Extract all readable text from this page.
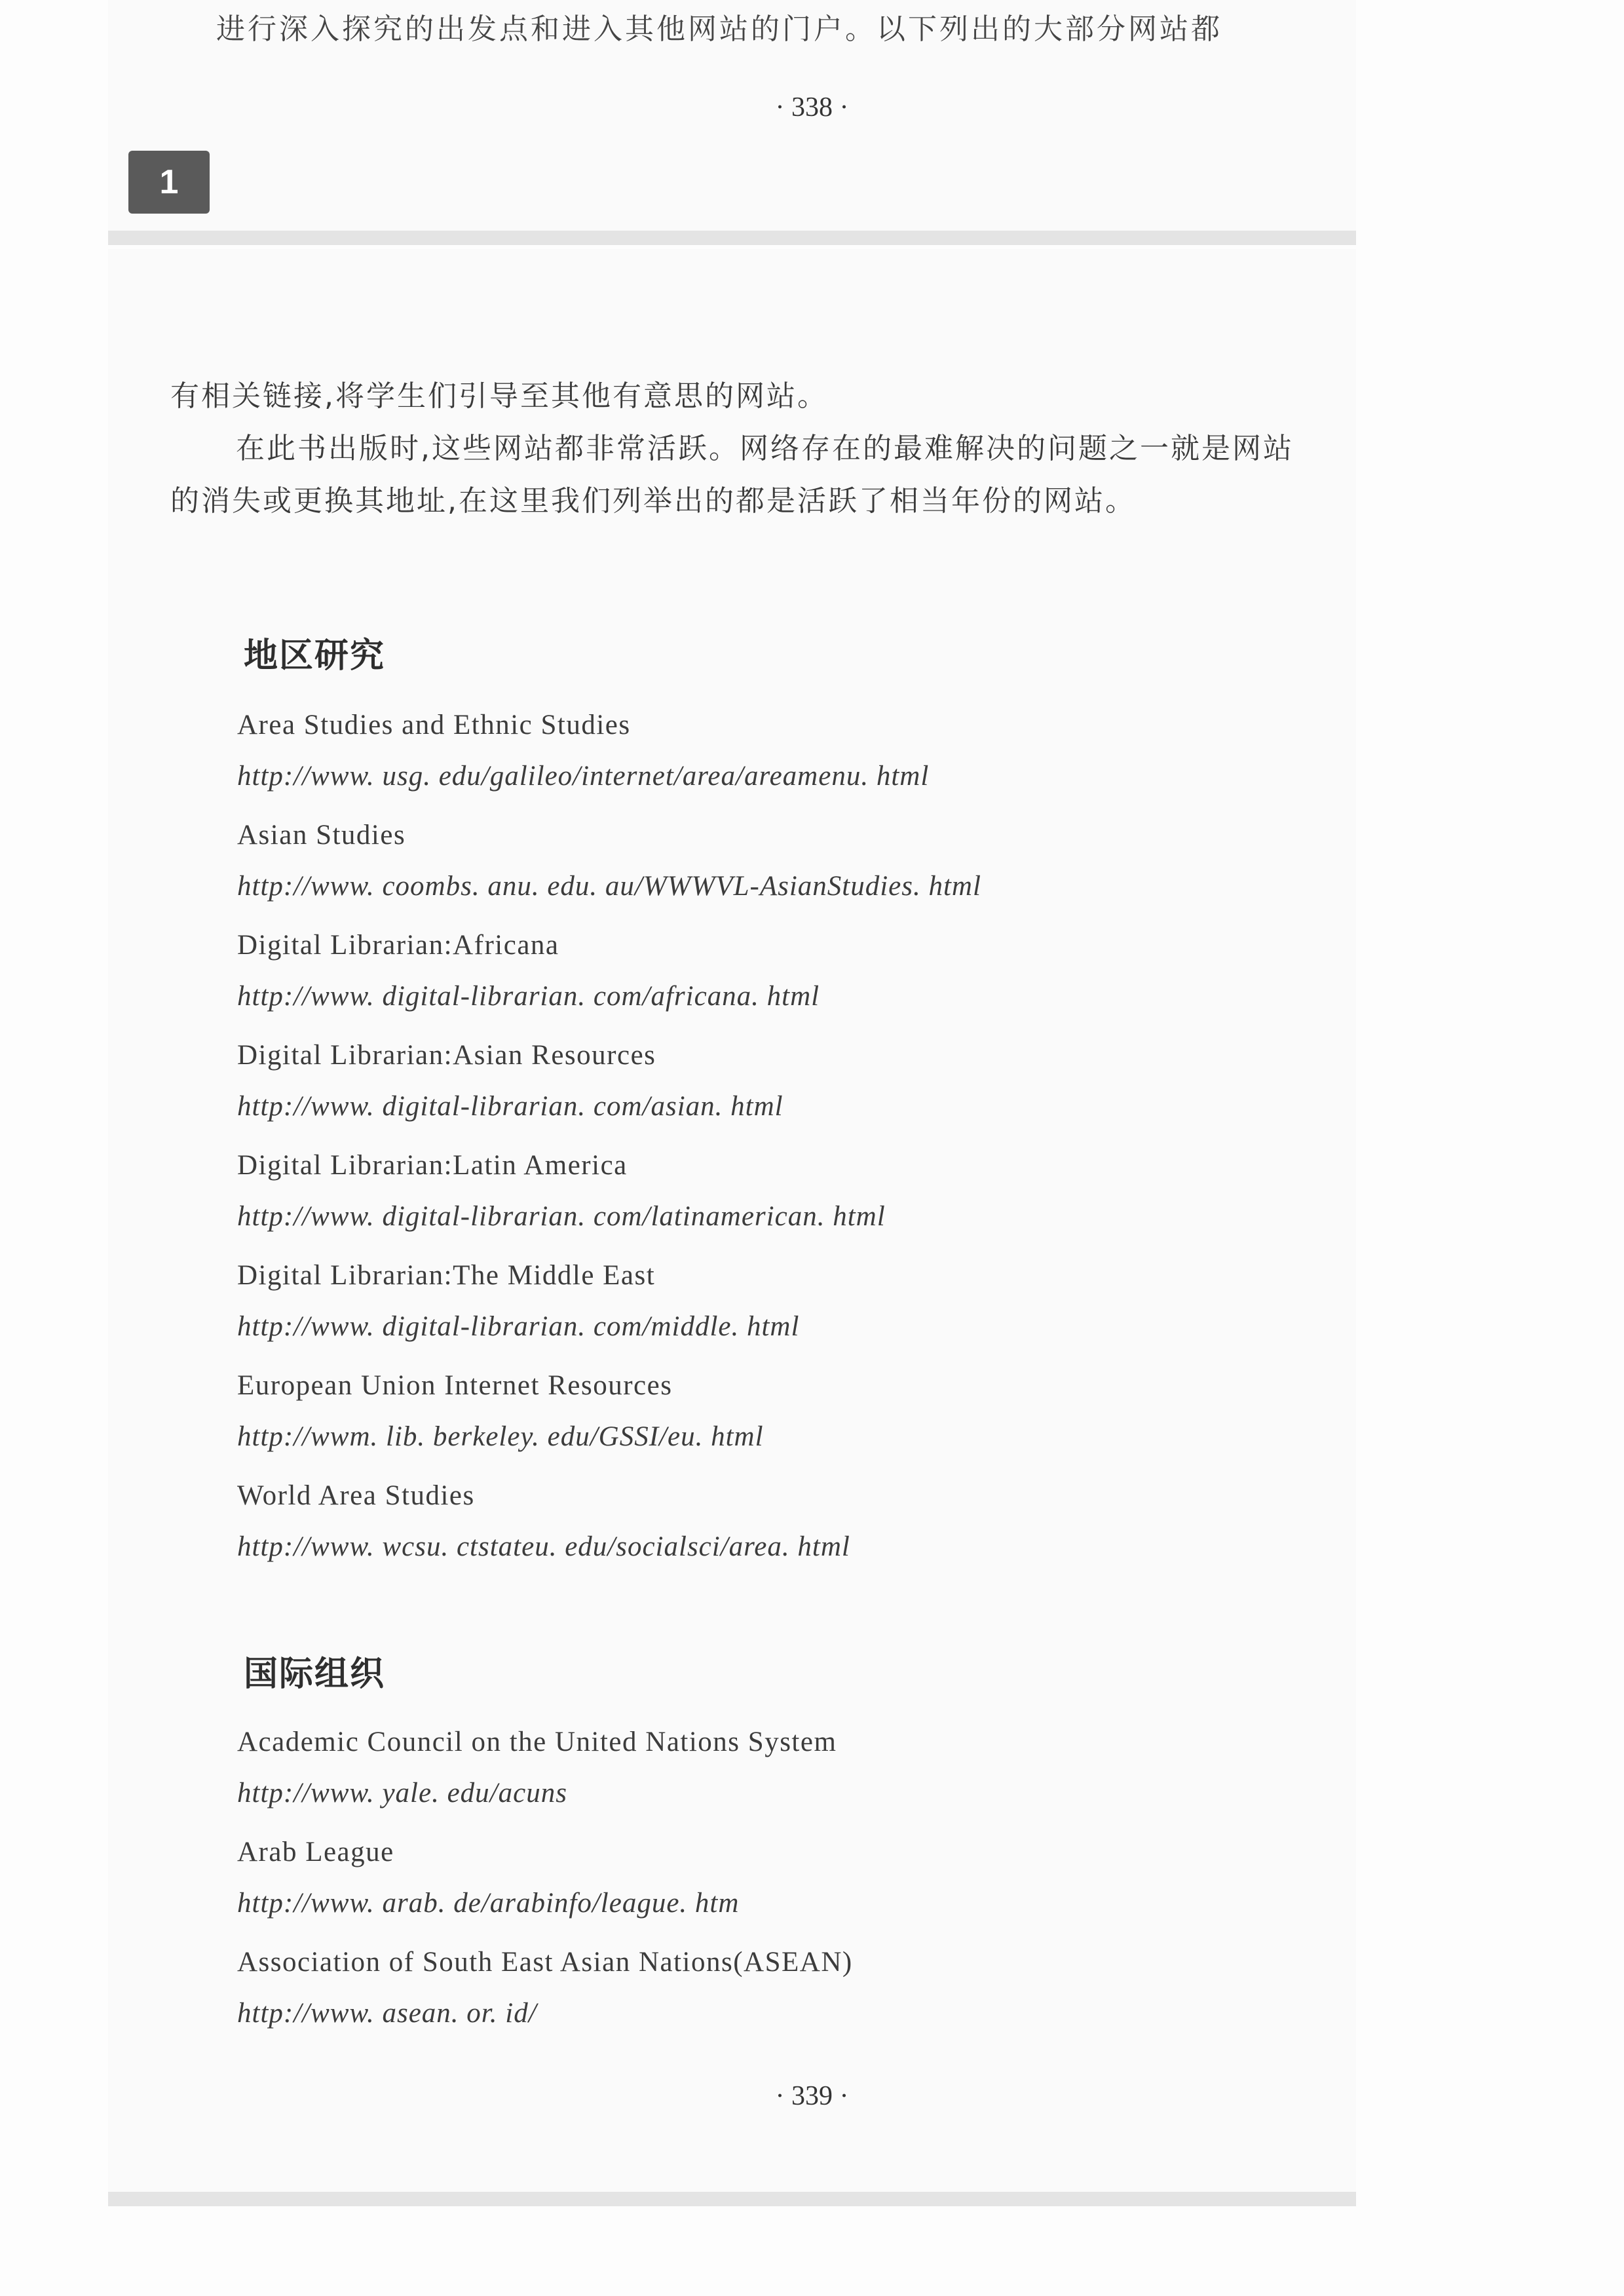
进行深入探究的出发点和进入其他网站的门户。以下列出的大部分网站都
· 338 ·
1
有相关链接,将学生们引导至其他有意思的网站。
在此书出版时,这些网站都非常活跃。网络存在的最难解决的问题之一就是网站的消失或更换其地址,在这里我们列举出的都是活跃了相当年份的网站。
地区研究
Area Studies and Ethnic Studies
http://www. usg. edu/galileo/internet/area/areamenu. html
Asian Studies
http://www. coombs. anu. edu. au/WWWVL-AsianStudies. html
Digital Librarian:Africana
http://www. digital-librarian. com/africana. html
Digital Librarian:Asian Resources
http://www. digital-librarian. com/asian. html
Digital Librarian:Latin America
http://www. digital-librarian. com/latinamerican. html
Digital Librarian:The Middle East
http://www. digital-librarian. com/middle. html
European Union Internet Resources
http://wwm. lib. berkeley. edu/GSSI/eu. html
World Area Studies
http://www. wcsu. ctstateu. edu/socialsci/area. html
国际组织
Academic Council on the United Nations System
http://www. yale. edu/acuns
Arab League
http://www. arab. de/arabinfo/league. htm
Association of South East Asian Nations(ASEAN)
http://www. asean. or. id/
· 339 ·
